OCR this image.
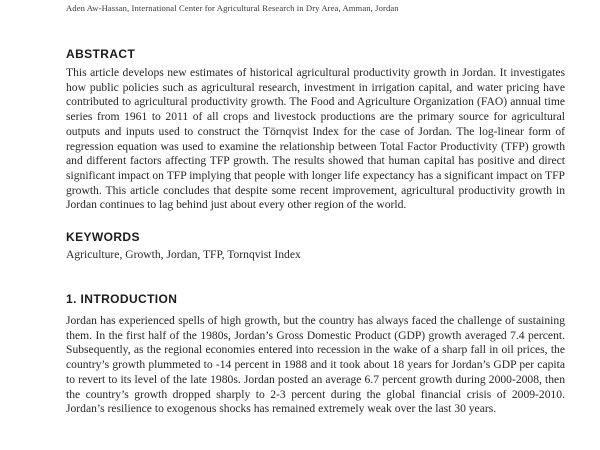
Aden Aw-Hassan, International Center for Agricultural Research in Dry Area, Amman, Jordan

ABSTRACT

This article develops new estimates of historical agricultural productivity growth in Jordan. It investigates how public policies such as agricultural research, investment in irrigation capital, and water pricing have contributed to agricultural productivity growth. The Food and Agriculture Organization (FAO) annual time series from 1961 to 2011 of all crops and livestock productions are the primary source for agricultural outputs and inputs used to construct the Törnqvist Index for the case of Jordan. The log-linear form of regression equation was used to examine the relationship between Total Factor Productivity (TFP) growth and different factors affecting TFP growth. The results showed that human capital has positive and direct significant impact on TFP implying that people with longer life expectancy has a significant impact on TFP growth. This article concludes that despite some recent improvement, agricultural productivity growth in Jordan continues to lag behind just about every other region of the world.

KEYWORDS

Agriculture, Growth, Jordan, TFP, Tornqvist Index

1. INTRODUCTION

Jordan has experienced spells of high growth, but the country has always faced the challenge of sustaining them. In the first half of the 1980s, Jordan’s Gross Domestic Product (GDP) growth averaged 7.4 percent. Subsequently, as the regional economies entered into recession in the wake of a sharp fall in oil prices, the country’s growth plummeted to -14 percent in 1988 and it took about 18 years for Jordan’s GDP per capita to revert to its level of the late 1980s. Jordan posted an average 6.7 percent growth during 2000-2008, then the country’s growth dropped sharply to 2-3 percent during the global financial crisis of 2009-2010. Jordan’s resilience to exogenous shocks has remained extremely weak over the last 30 years.
